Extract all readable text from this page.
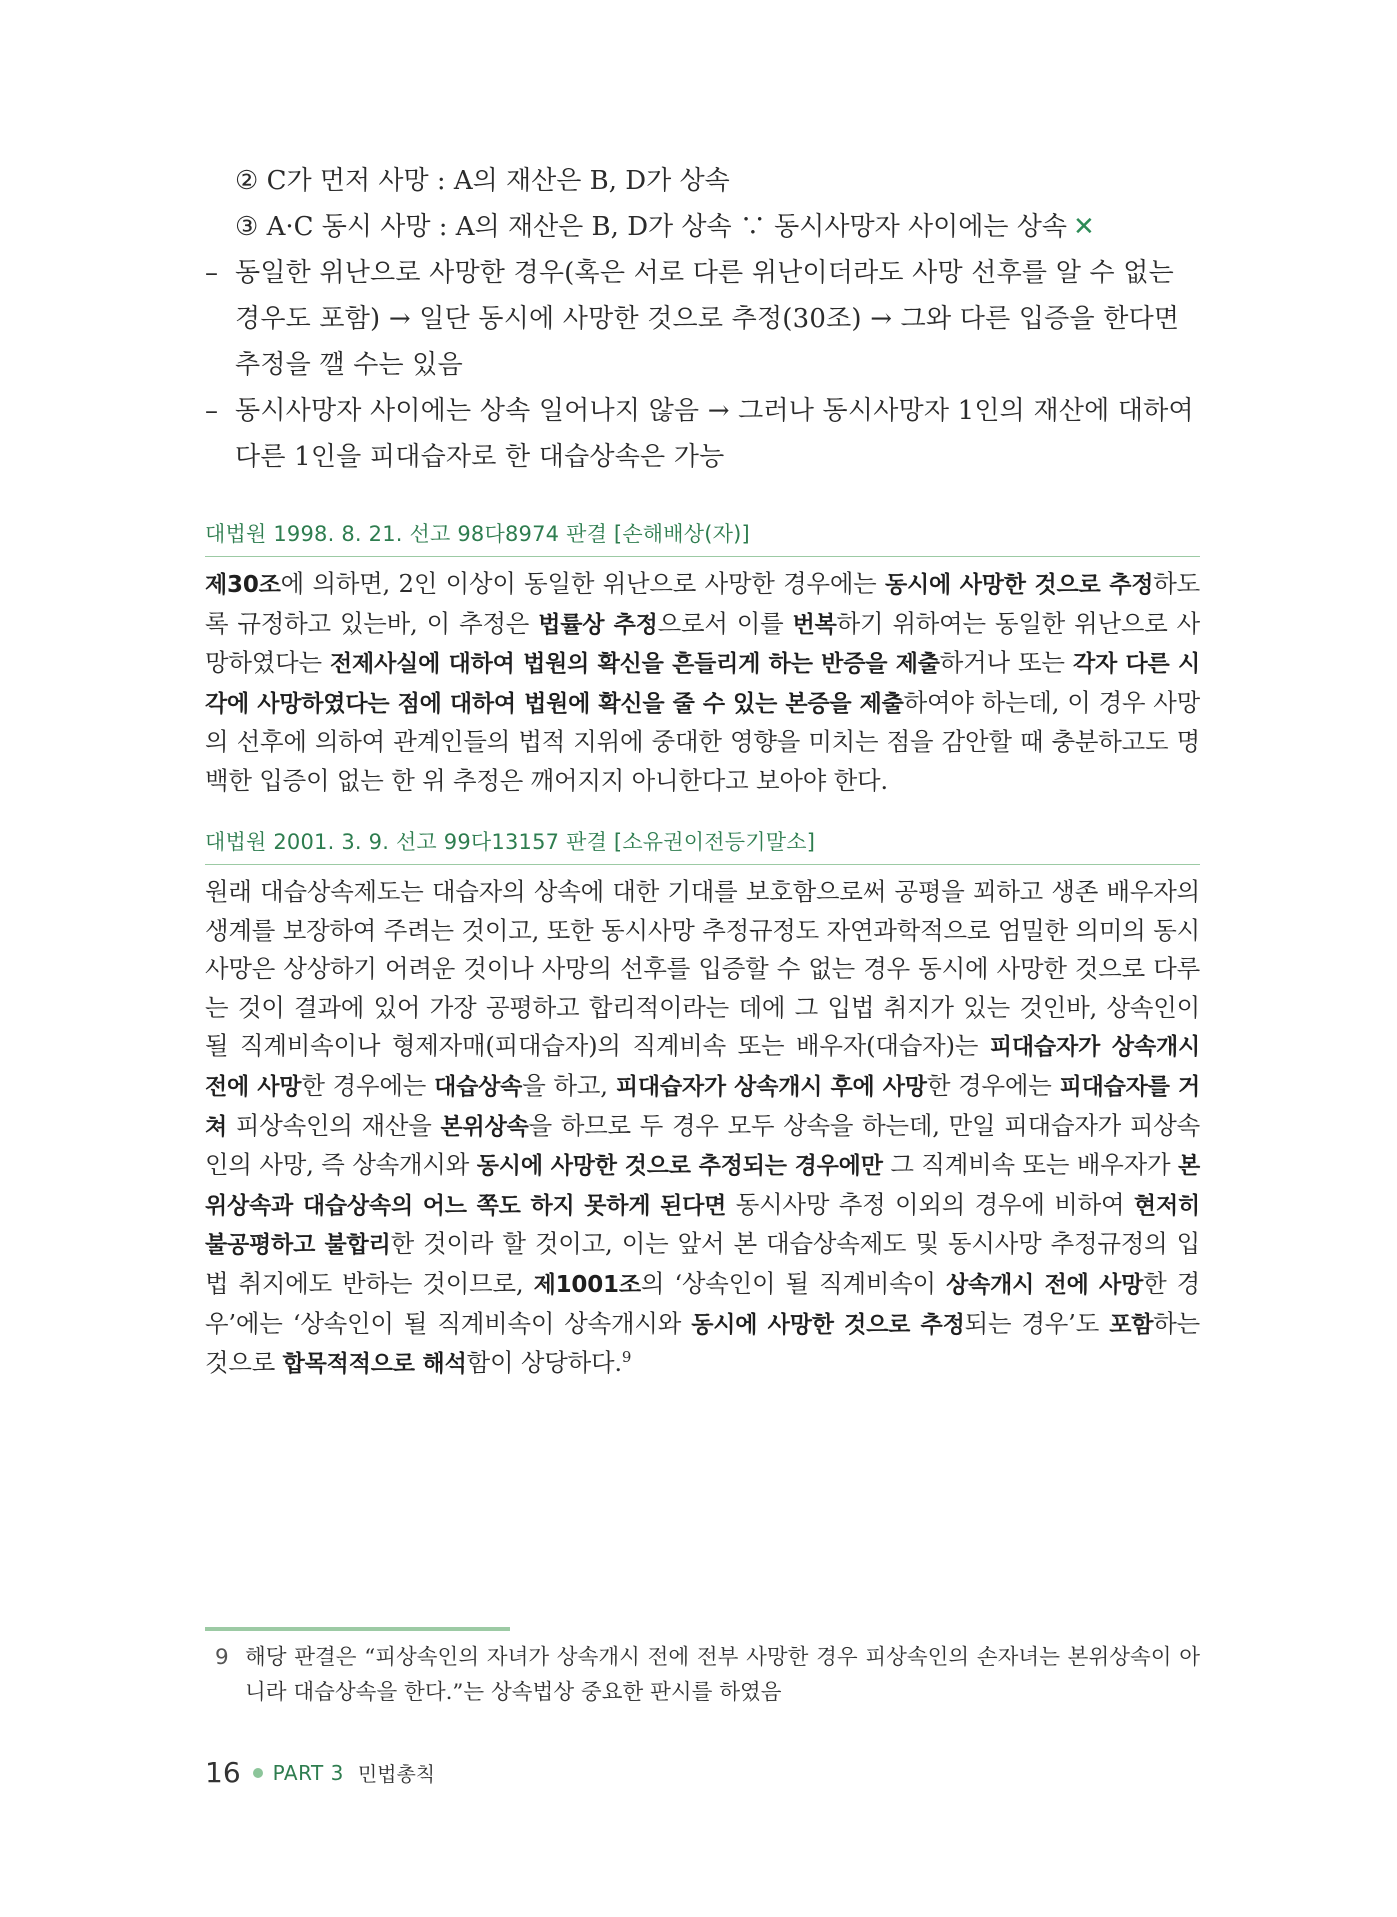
② C가 먼저 사망 : A의 재산은 B, D가 상속
③ A·C 동시 사망 : A의 재산은 B, D가 상속 ∵ 동시사망자 사이에는 상속 ✕
– 동일한 위난으로 사망한 경우(혹은 서로 다른 위난이더라도 사망 선후를 알 수 없는 경우도 포함) → 일단 동시에 사망한 것으로 추정(30조) → 그와 다른 입증을 한다면 추정을 깰 수는 있음
– 동시사망자 사이에는 상속 일어나지 않음 → 그러나 동시사망자 1인의 재산에 대하여 다른 1인을 피대습자로 한 대습상속은 가능
대법원 1998. 8. 21. 선고 98다8974 판결 [손해배상(자)]
제30조에 의하면, 2인 이상이 동일한 위난으로 사망한 경우에는 동시에 사망한 것으로 추정하도록 규정하고 있는바, 이 추정은 법률상 추정으로서 이를 번복하기 위하여는 동일한 위난으로 사망하였다는 전제사실에 대하여 법원의 확신을 흔들리게 하는 반증을 제출하거나 또는 각자 다른 시각에 사망하였다는 점에 대하여 법원에 확신을 줄 수 있는 본증을 제출하여야 하는데, 이 경우 사망의 선후에 의하여 관계인들의 법적 지위에 중대한 영향을 미치는 점을 감안할 때 충분하고도 명백한 입증이 없는 한 위 추정은 깨어지지 아니한다고 보아야 한다.
대법원 2001. 3. 9. 선고 99다13157 판결 [소유권이전등기말소]
원래 대습상속제도는 대습자의 상속에 대한 기대를 보호함으로써 공평을 꾀하고 생존 배우자의 생계를 보장하여 주려는 것이고, 또한 동시사망 추정규정도 자연과학적으로 엄밀한 의미의 동시사망은 상상하기 어려운 것이나 사망의 선후를 입증할 수 없는 경우 동시에 사망한 것으로 다루는 것이 결과에 있어 가장 공평하고 합리적이라는 데에 그 입법 취지가 있는 것인바, 상속인이 될 직계비속이나 형제자매(피대습자)의 직계비속 또는 배우자(대습자)는 피대습자가 상속개시 전에 사망한 경우에는 대습상속을 하고, 피대습자가 상속개시 후에 사망한 경우에는 피대습자를 거쳐 피상속인의 재산을 본위상속을 하므로 두 경우 모두 상속을 하는데, 만일 피대습자가 피상속인의 사망, 즉 상속개시와 동시에 사망한 것으로 추정되는 경우에만 그 직계비속 또는 배우자가 본위상속과 대습상속의 어느 쪽도 하지 못하게 된다면 동시사망 추정 이외의 경우에 비하여 현저히 불공평하고 불합리한 것이라 할 것이고, 이는 앞서 본 대습상속제도 및 동시사망 추정규정의 입법 취지에도 반하는 것이므로, 제1001조의 ‘상속인이 될 직계비속이 상속개시 전에 사망한 경우’에는 ‘상속인이 될 직계비속이 상속개시와 동시에 사망한 것으로 추정되는 경우’도 포함하는 것으로 합목적적으로 해석함이 상당하다.$^9$
9 해당 판결은 “피상속인의 자녀가 상속개시 전에 전부 사망한 경우 피상속인의 손자녀는 본위상속이 아니라 대습상속을 한다.”는 상속법상 중요한 판시를 하였음
16 PART 3 민법총칙
